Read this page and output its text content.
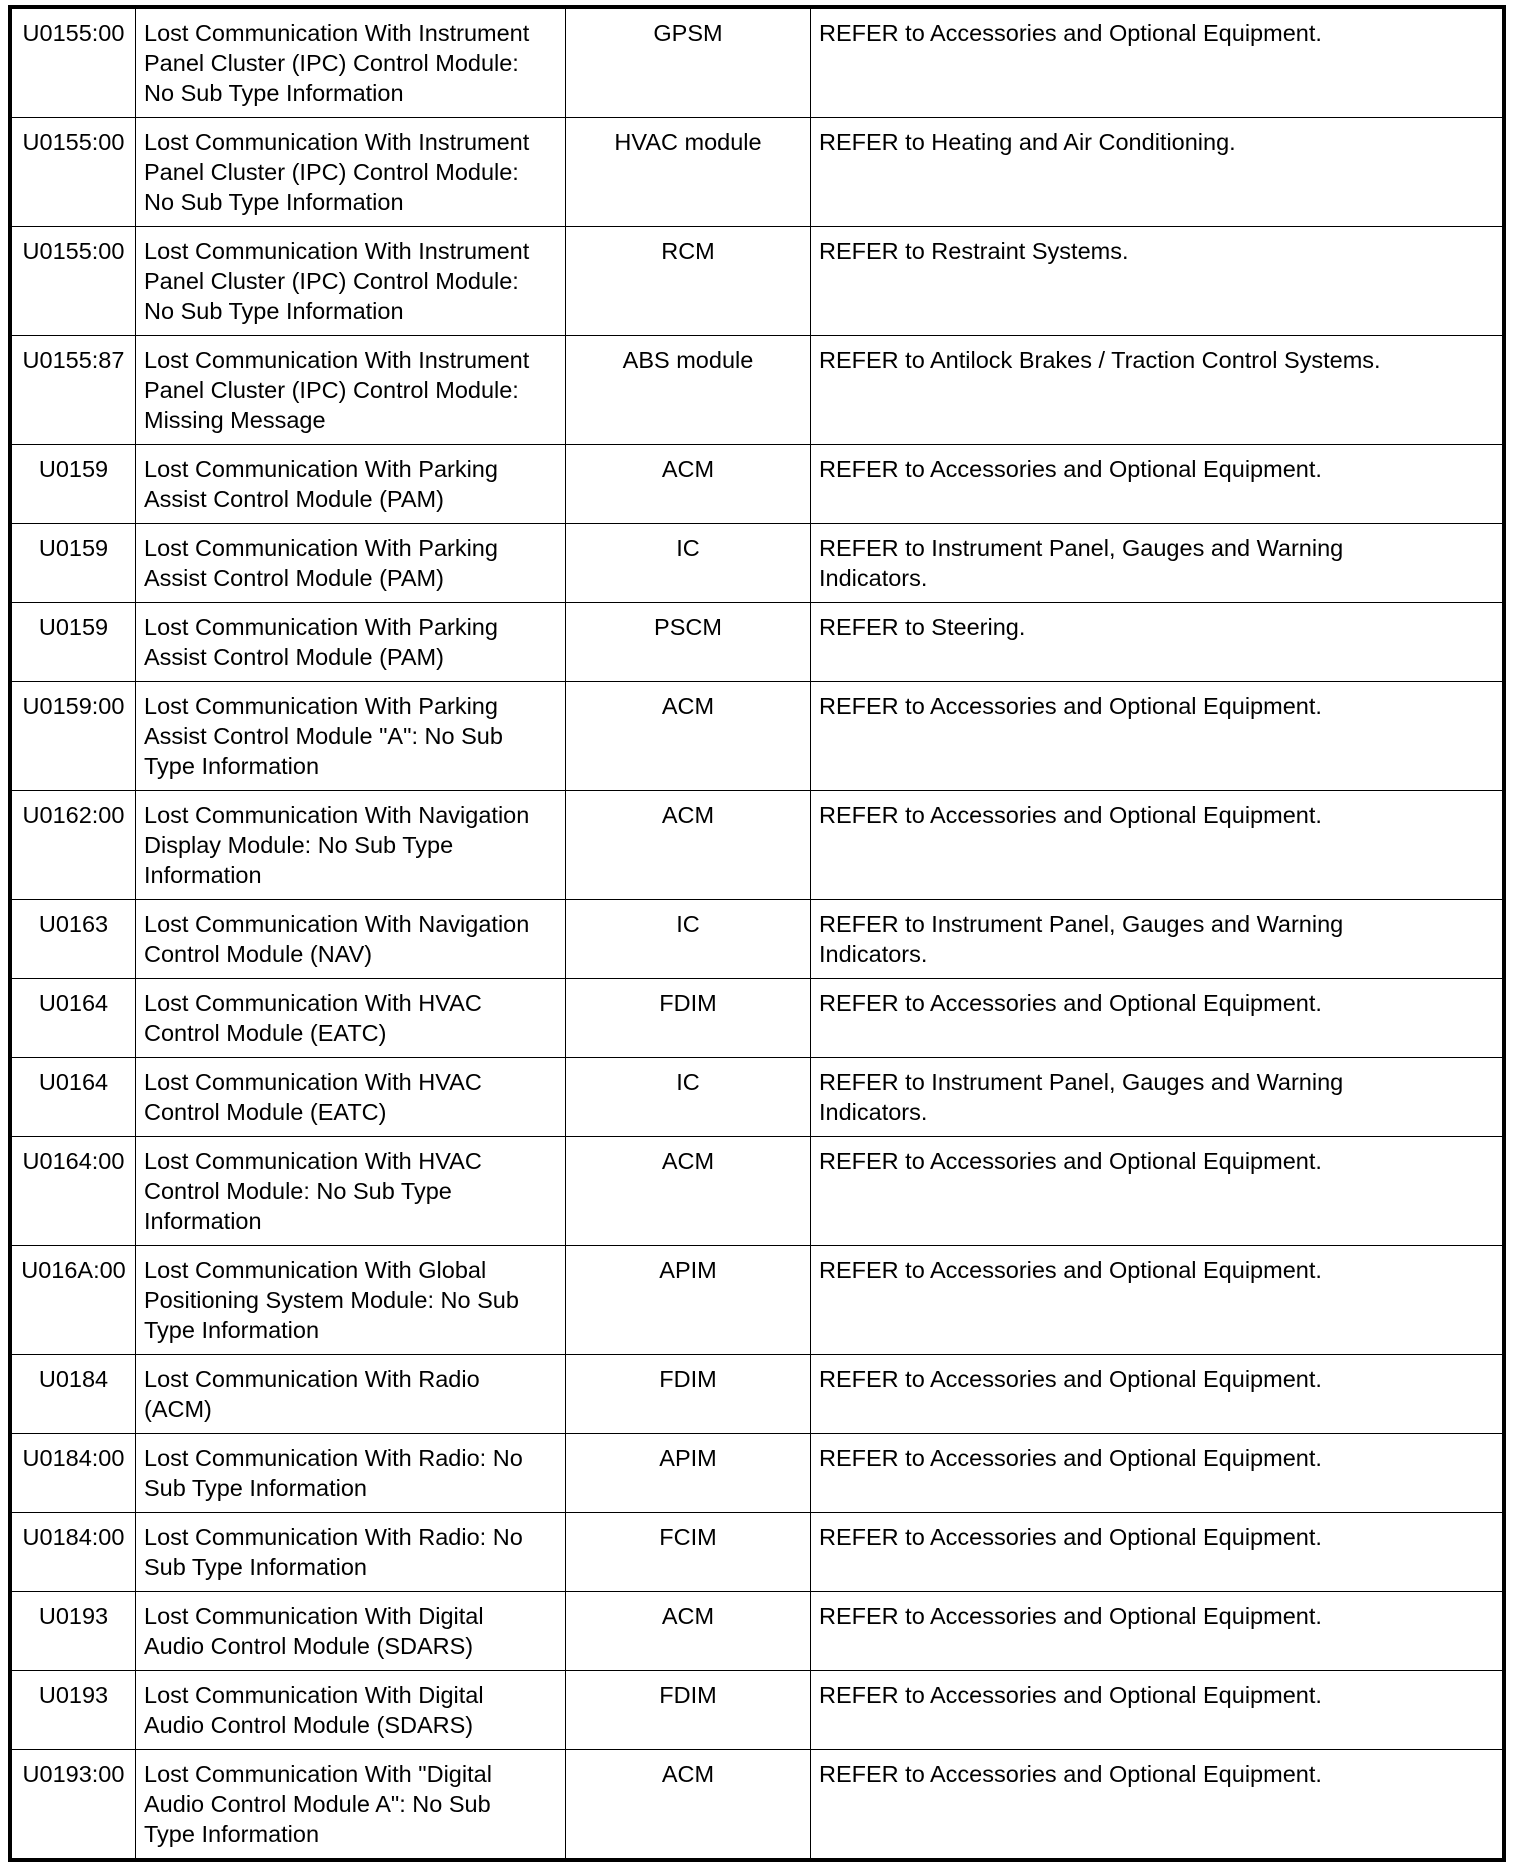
U0155:00	Lost Communication With Instrument
Panel Cluster (IPC) Control Module:
No Sub Type Information	GPSM	REFER to Accessories and Optional Equipment.
U0155:00	Lost Communication With Instrument
Panel Cluster (IPC) Control Module:
No Sub Type Information	HVAC module	REFER to Heating and Air Conditioning.
U0155:00	Lost Communication With Instrument
Panel Cluster (IPC) Control Module:
No Sub Type Information	RCM	REFER to Restraint Systems.
U0155:87	Lost Communication With Instrument
Panel Cluster (IPC) Control Module:
Missing Message	ABS module	REFER to Antilock Brakes / Traction Control Systems.
U0159	Lost Communication With Parking
Assist Control Module (PAM)	ACM	REFER to Accessories and Optional Equipment.
U0159	Lost Communication With Parking
Assist Control Module (PAM)	IC	REFER to Instrument Panel, Gauges and Warning
Indicators.
U0159	Lost Communication With Parking
Assist Control Module (PAM)	PSCM	REFER to Steering.
U0159:00	Lost Communication With Parking
Assist Control Module "A": No Sub
Type Information	ACM	REFER to Accessories and Optional Equipment.
U0162:00	Lost Communication With Navigation
Display Module: No Sub Type
Information	ACM	REFER to Accessories and Optional Equipment.
U0163	Lost Communication With Navigation
Control Module (NAV)	IC	REFER to Instrument Panel, Gauges and Warning
Indicators.
U0164	Lost Communication With HVAC
Control Module (EATC)	FDIM	REFER to Accessories and Optional Equipment.
U0164	Lost Communication With HVAC
Control Module (EATC)	IC	REFER to Instrument Panel, Gauges and Warning
Indicators.
U0164:00	Lost Communication With HVAC
Control Module: No Sub Type
Information	ACM	REFER to Accessories and Optional Equipment.
U016A:00	Lost Communication With Global
Positioning System Module: No Sub
Type Information	APIM	REFER to Accessories and Optional Equipment.
U0184	Lost Communication With Radio
(ACM)	FDIM	REFER to Accessories and Optional Equipment.
U0184:00	Lost Communication With Radio: No
Sub Type Information	APIM	REFER to Accessories and Optional Equipment.
U0184:00	Lost Communication With Radio: No
Sub Type Information	FCIM	REFER to Accessories and Optional Equipment.
U0193	Lost Communication With Digital
Audio Control Module (SDARS)	ACM	REFER to Accessories and Optional Equipment.
U0193	Lost Communication With Digital
Audio Control Module (SDARS)	FDIM	REFER to Accessories and Optional Equipment.
U0193:00	Lost Communication With "Digital
Audio Control Module A": No Sub
Type Information	ACM	REFER to Accessories and Optional Equipment.
